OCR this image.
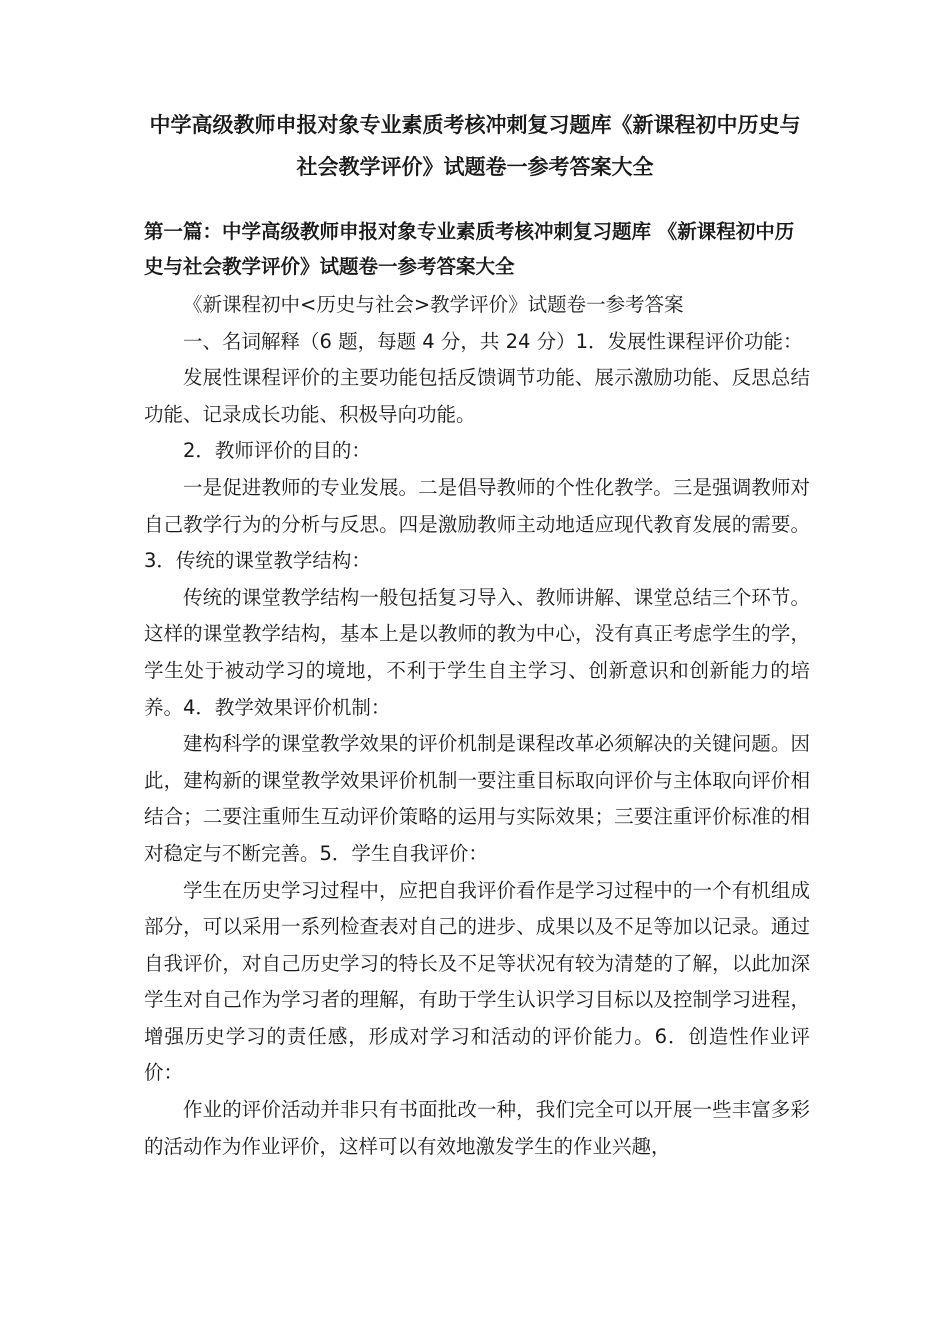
中学高级教师申报对象专业素质考核冲刺复习题库《新课程初中历史与社会教学评价》试题卷一参考答案大全
第一篇：中学高级教师申报对象专业素质考核冲刺复习题库 《新课程初中历史与社会教学评价》试题卷一参考答案大全

《新课程初中<历史与社会>教学评价》试题卷一参考答案

一、名词解释（6 题，每题 4 分，共 24 分）1．发展性课程评价功能：

发展性课程评价的主要功能包括反馈调节功能、展示激励功能、反思总结功能、记录成长功能、积极导向功能。

2．教师评价的目的：

一是促进教师的专业发展。二是倡导教师的个性化教学。三是强调教师对自己教学行为的分析与反思。四是激励教师主动地适应现代教育发展的需要。3．传统的课堂教学结构：

传统的课堂教学结构一般包括复习导入、教师讲解、课堂总结三个环节。这样的课堂教学结构，基本上是以教师的教为中心，没有真正考虑学生的学，学生处于被动学习的境地，不利于学生自主学习、创新意识和创新能力的培养。4．教学效果评价机制：

建构科学的课堂教学效果的评价机制是课程改革必须解决的关键问题。因此，建构新的课堂教学效果评价机制一要注重目标取向评价与主体取向评价相结合；二要注重师生互动评价策略的运用与实际效果；三要注重评价标准的相对稳定与不断完善。5．学生自我评价：

学生在历史学习过程中，应把自我评价看作是学习过程中的一个有机组成部分，可以采用一系列检查表对自己的进步、成果以及不足等加以记录。通过自我评价，对自己历史学习的特长及不足等状况有较为清楚的了解，以此加深学生对自己作为学习者的理解，有助于学生认识学习目标以及控制学习进程，增强历史学习的责任感，形成对学习和活动的评价能力。6．创造性作业评价：

作业的评价活动并非只有书面批改一种，我们完全可以开展一些丰富多彩的活动作为作业评价，这样可以有效地激发学生的作业兴趣，
